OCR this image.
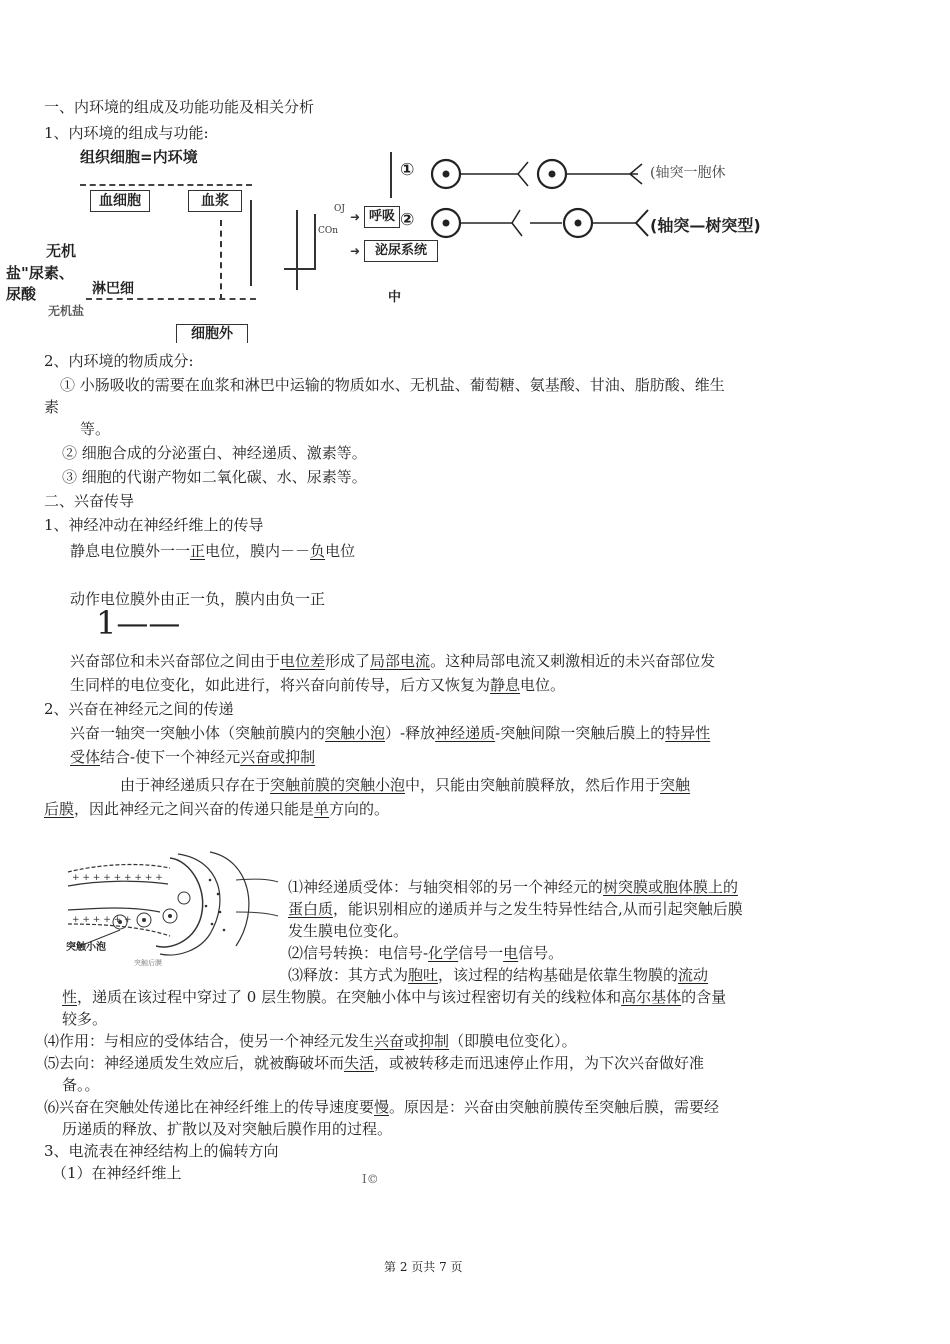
一、内环境的组成及功能功能及相关分析
1、内环境的组成与功能:
组织细胞=内环境
血细胞	血浆
无机
盐"尿素、
尿酸	淋巴细
无机盐
细胞外
OJ
COn
呼吸
泌尿系统
➜
➜
中
①
②
(轴突一胞休
(轴突—树突型)
2、内环境的物质成分:
① 小肠吸收的需要在血浆和淋巴中运输的物质如水、无机盐、葡萄糖、氨基酸、甘油、脂肪酸、维生
素
等。
② 细胞合成的分泌蛋白、神经递质、激素等。
③ 细胞的代谢产物如二氧化碳、水、尿素等。
二、兴奋传导
1、神经冲动在神经纤维上的传导
静息电位膜外一一正电位，膜内－－负电位
动作电位膜外由正一负，膜内由负一正
1——
兴奋部位和未兴奋部位之间由于电位差形成了局部电流。这种局部电流又刺激相近的未兴奋部位发
生同样的电位变化，如此进行，将兴奋向前传导，后方又恢复为静息电位。
2、兴奋在神经元之间的传递
兴奋一轴突一突触小体（突触前膜内的突触小泡）-释放神经递质-突触间隙一突触后膜上的特异性
受体结合-使下一个神经元兴奋或抑制
由于神经递质只存在于突触前膜的突触小泡中，只能由突触前膜释放，然后作用于突触
后膜，因此神经元之间兴奋的传递只能是单方向的。
+ + + + + + + + +
+ + + + + +
突触小泡
突触后膜
⑴神经递质受体：与轴突相邻的另一个神经元的树突膜或胞体膜上的
蛋白质，能识别相应的递质并与之发生特异性结合,从而引起突触后膜
发生膜电位变化。
⑵信号转换：电信号-化学信号一电信号。
⑶释放：其方式为胞吐，该过程的结构基础是依靠生物膜的流动
性，递质在该过程中穿过了 0 层生物膜。在突触小体中与该过程密切有关的线粒体和高尔基体的含量
较多。
⑷作用：与相应的受体结合，使另一个神经元发生兴奋或抑制（即膜电位变化）。
⑸去向：神经递质发生效应后，就被酶破坏而失活，或被转移走而迅速停止作用，为下次兴奋做好准
备。。
⑹兴奋在突触处传递比在神经纤维上的传导速度要慢。原因是：兴奋由突触前膜传至突触后膜，需要经
历递质的释放、扩散以及对突触后膜作用的过程。
3、电流表在神经结构上的偏转方向
（1）在神经纤维上	I©
第 2 页共 7 页
